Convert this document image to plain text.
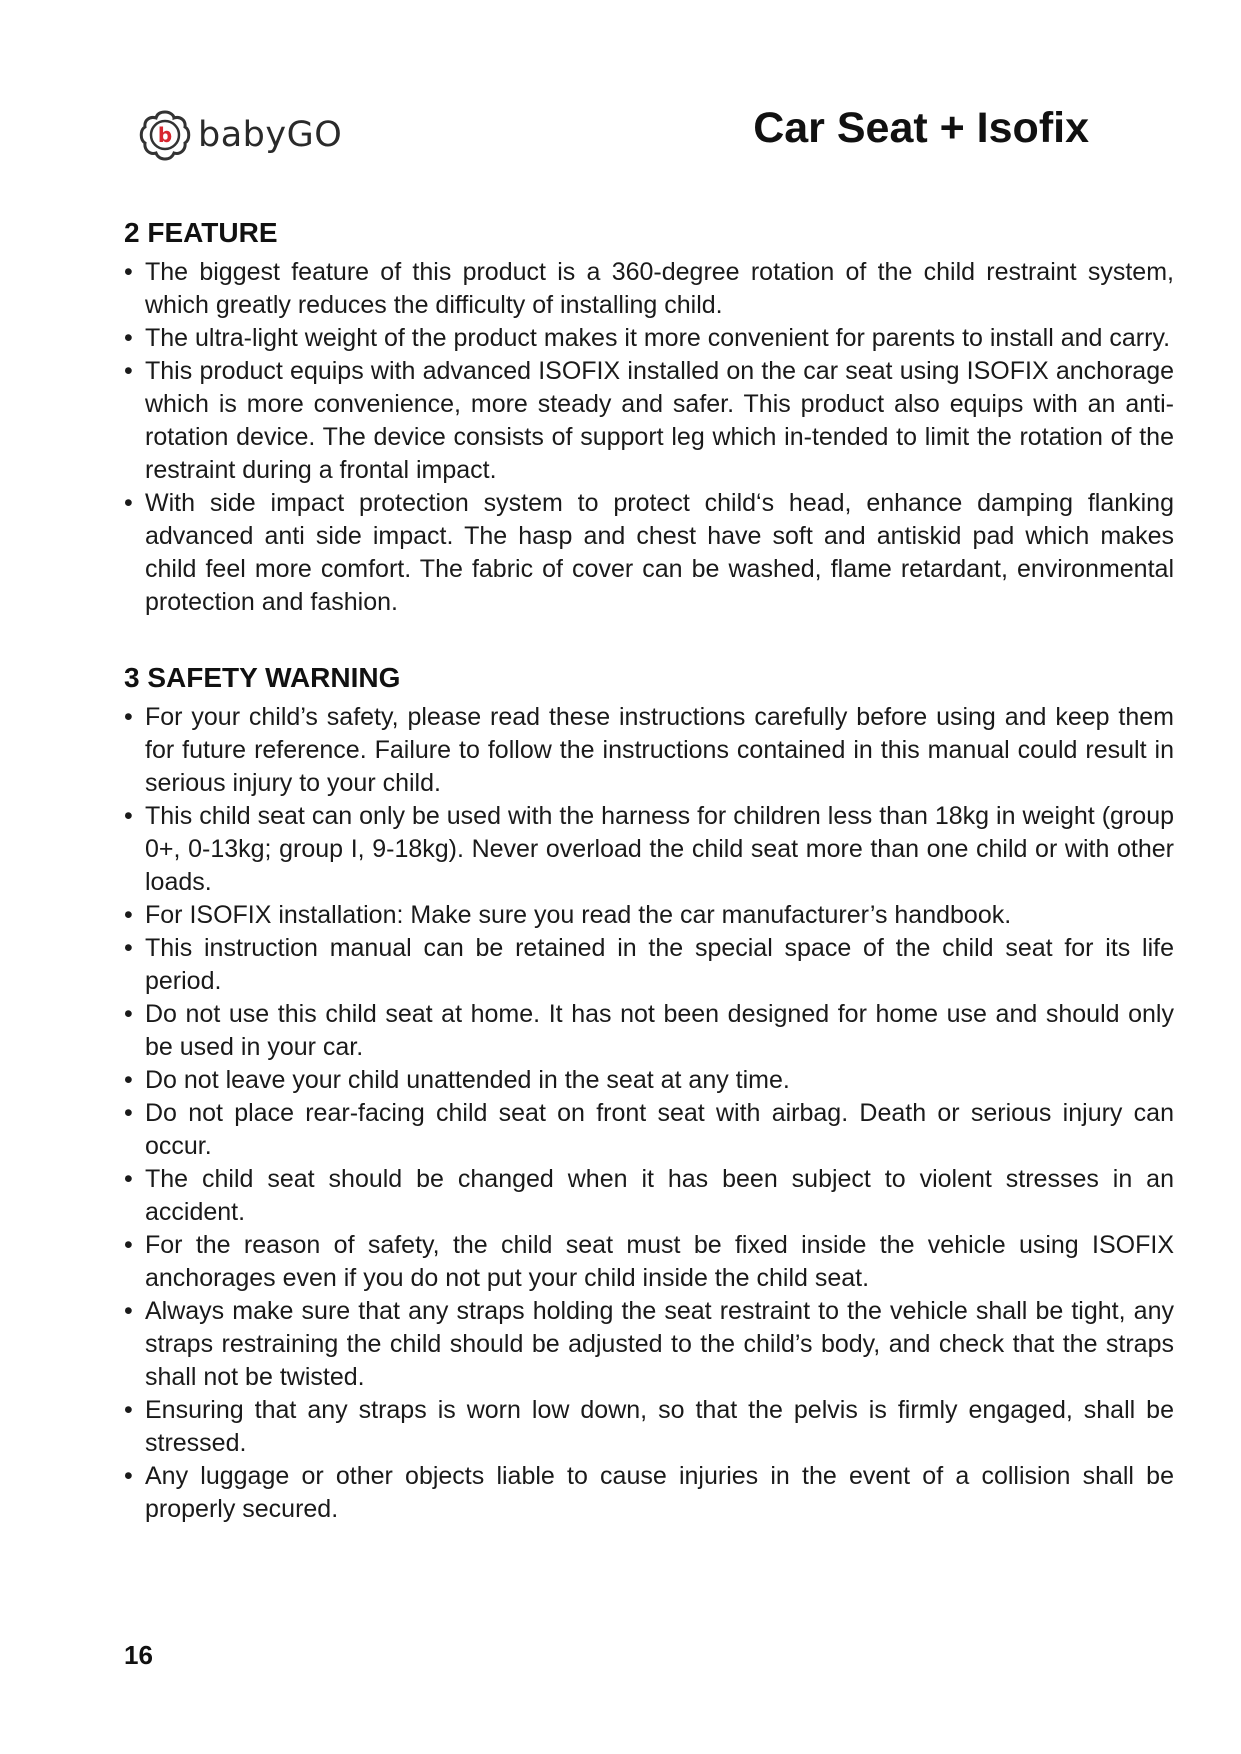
b babyGO	Car Seat + Isofix
2 FEATURE
• The biggest feature of this product is a 360-degree rotation of the child restraint system, which greatly reduces the difficulty of installing child.
• The ultra-light weight of the product makes it more convenient for parents to install and carry.
• This product equips with advanced ISOFIX installed on the car seat using ISOFIX anchorage which is more convenience, more steady and safer. This product also equips with an anti-rotation device. The device consists of support leg which in-tended to limit the rotation of the restraint during a frontal impact.
• With side impact protection system to protect child‘s head, enhance damping flanking advanced anti side impact. The hasp and chest have soft and antiskid pad which makes child feel more comfort. The fabric of cover can be washed, flame retardant, environmental protection and fashion.
3 SAFETY WARNING
• For your child’s safety, please read these instructions carefully before using and keep them for future reference. Failure to follow the instructions contained in this manual could result in serious injury to your child.
• This child seat can only be used with the harness for children less than 18kg in weight (group 0+, 0-13kg; group I, 9-18kg). Never overload the child seat more than one child or with other loads.
• For ISOFIX installation: Make sure you read the car manufacturer’s handbook.
• This instruction manual can be retained in the special space of the child seat for its life period.
• Do not use this child seat at home. It has not been designed for home use and should only be used in your car.
• Do not leave your child unattended in the seat at any time.
• Do not place rear-facing child seat on front seat with airbag. Death or serious injury can occur.
• The child seat should be changed when it has been subject to violent stresses in an accident.
• For the reason of safety, the child seat must be fixed inside the vehicle using ISOFIX anchorages even if you do not put your child inside the child seat.
• Always make sure that any straps holding the seat restraint to the vehicle shall be tight, any straps restraining the child should be adjusted to the child’s body, and check that the straps shall not be twisted.
• Ensuring that any straps is worn low down, so that the pelvis is firmly engaged, shall be stressed.
• Any luggage or other objects liable to cause injuries in the event of a collision shall be properly secured.
16
